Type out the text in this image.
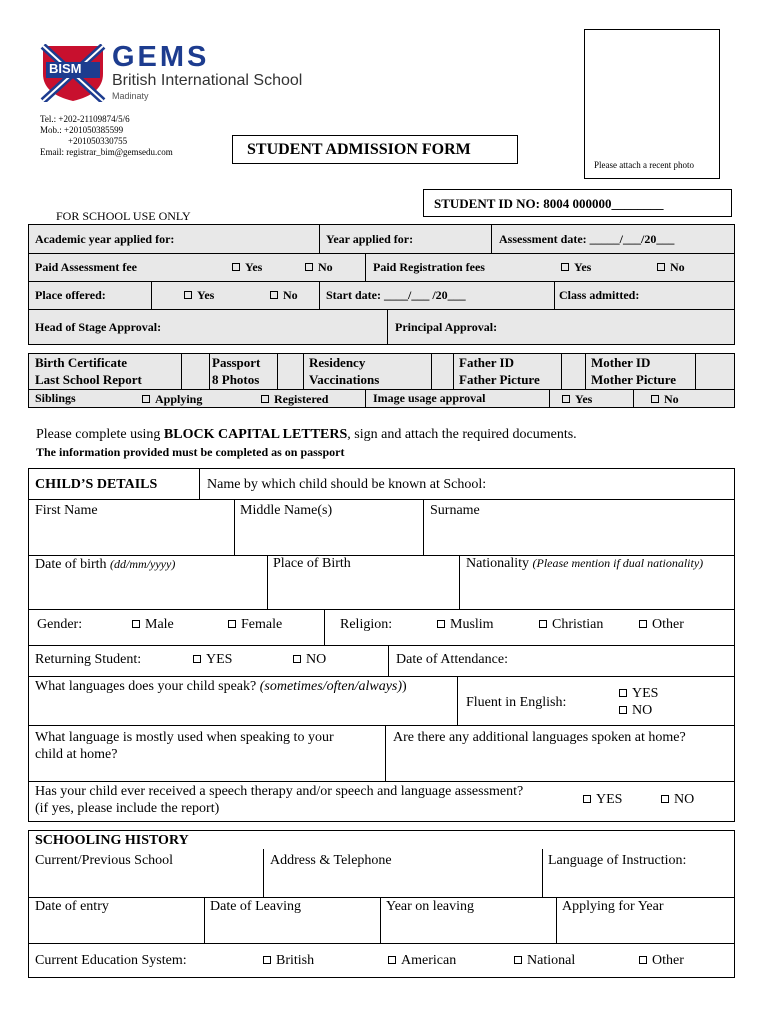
BISM GEMS
British International School
Madinaty
Tel.: +202-21109874/5/6
Mob.: +201050385599
+201050330755
Email: registrar_bim@gemsedu.com	STUDENT ADMISSION FORM
Please attach a recent photo
STUDENT ID NO: 8004 000000________
FOR SCHOOL USE ONLY
Academic year applied for:	Year applied for:	Assessment date: _____/___/20___
Paid Assessment fee	Yes	No	Paid Registration fees	Yes	No
Place offered:	Yes	No Start date: ____/___ /20___	Class admitted:
Head of Stage Approval:	Principal Approval:
Birth Certificate	Passport	Residency	Father ID	Mother ID
Last School Report	8 Photos	Vaccinations	Father Picture	Mother Picture
Siblings	Applying	Registered	Image usage approval	Yes	No
Please complete using BLOCK CAPITAL LETTERS, sign and attach the required documents.
The information provided must be completed as on passport
CHILD’S DETAILS	Name by which child should be known at School:
First Name	Middle Name(s)	Surname
Date of birth (dd/mm/yyyy)	Place of Birth	Nationality (Please mention if dual nationality)
Gender:	Male	Female	Religion:	Muslim	Christian	Other
Returning Student:	YES	NO	Date of Attendance:
What languages does your child speak? (sometimes/often/always))
Fluent in English:
YES
NO
What language is mostly used when speaking to your
child at home?
Are there any additional languages spoken at home?
Has your child ever received a speech therapy and/or speech and language assessment?
(if yes, please include the report)
YES	NO
SCHOOLING HISTORY
Current/Previous School	Address & Telephone	Language of Instruction:
Date of entry	Date of Leaving	Year on leaving	Applying for Year
Current Education System:	British	American	National	Other
